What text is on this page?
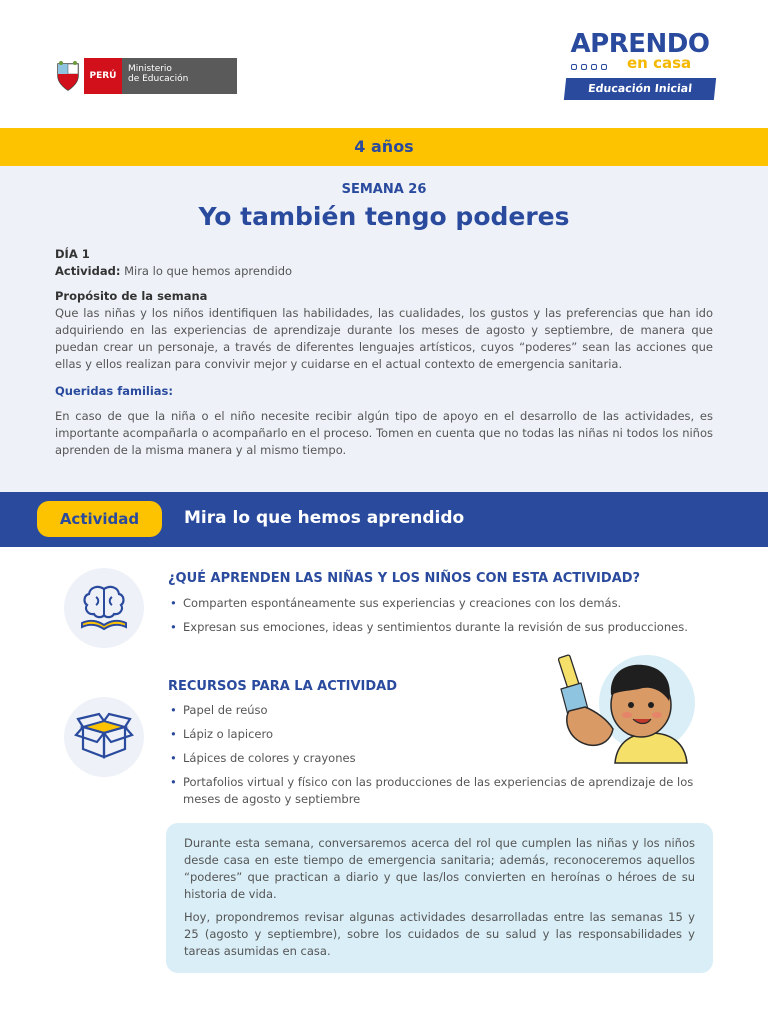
PERÚ
Ministerio
de Educación
APRENDO
en casa
Educación Inicial
4 años
SEMANA 26
Yo también tengo poderes
DÍA 1
Actividad: Mira lo que hemos aprendido
Propósito de la semana

Que las niñas y los niños identifiquen las habilidades, las cualidades, los gustos y las preferencias que han ido adquiriendo en las experiencias de aprendizaje durante los meses de agosto y septiembre, de manera que puedan crear un personaje, a través de diferentes lenguajes artísticos, cuyos “poderes” sean las acciones que ellas y ellos realizan para convivir mejor y cuidarse en el actual contexto de emergencia sanitaria.

Queridas familias:

En caso de que la niña o el niño necesite recibir algún tipo de apoyo en el desarrollo de las actividades, es importante acompañarla o acompañarlo en el proceso. Tomen en cuenta que no todas las niñas ni todos los niños aprenden de la misma manera y al mismo tiempo.

Actividad	Mira lo que hemos aprendido
¿QUÉ APRENDEN LAS NIÑAS Y LOS NIÑOS CON ESTA ACTIVIDAD?
• Comparten espontáneamente sus experiencias y creaciones con los demás.
• Expresan sus emociones, ideas y sentimientos durante la revisión de sus producciones.
RECURSOS PARA LA ACTIVIDAD
• Papel de reúso
• Lápiz o lapicero
• Lápices de colores y crayones
• Portafolios virtual y físico con las producciones de las experiencias de aprendizaje de los meses de agosto y septiembre

Durante esta semana, conversaremos acerca del rol que cumplen las niñas y los niños desde casa en este tiempo de emergencia sanitaria; además, reconoceremos aquellos “poderes” que practican a diario y que las/los convierten en heroínas o héroes de su historia de vida.

Hoy, propondremos revisar algunas actividades desarrolladas entre las semanas 15 y 25 (agosto y septiembre), sobre los cuidados de su salud y las responsabilidades y tareas asumidas en casa.
